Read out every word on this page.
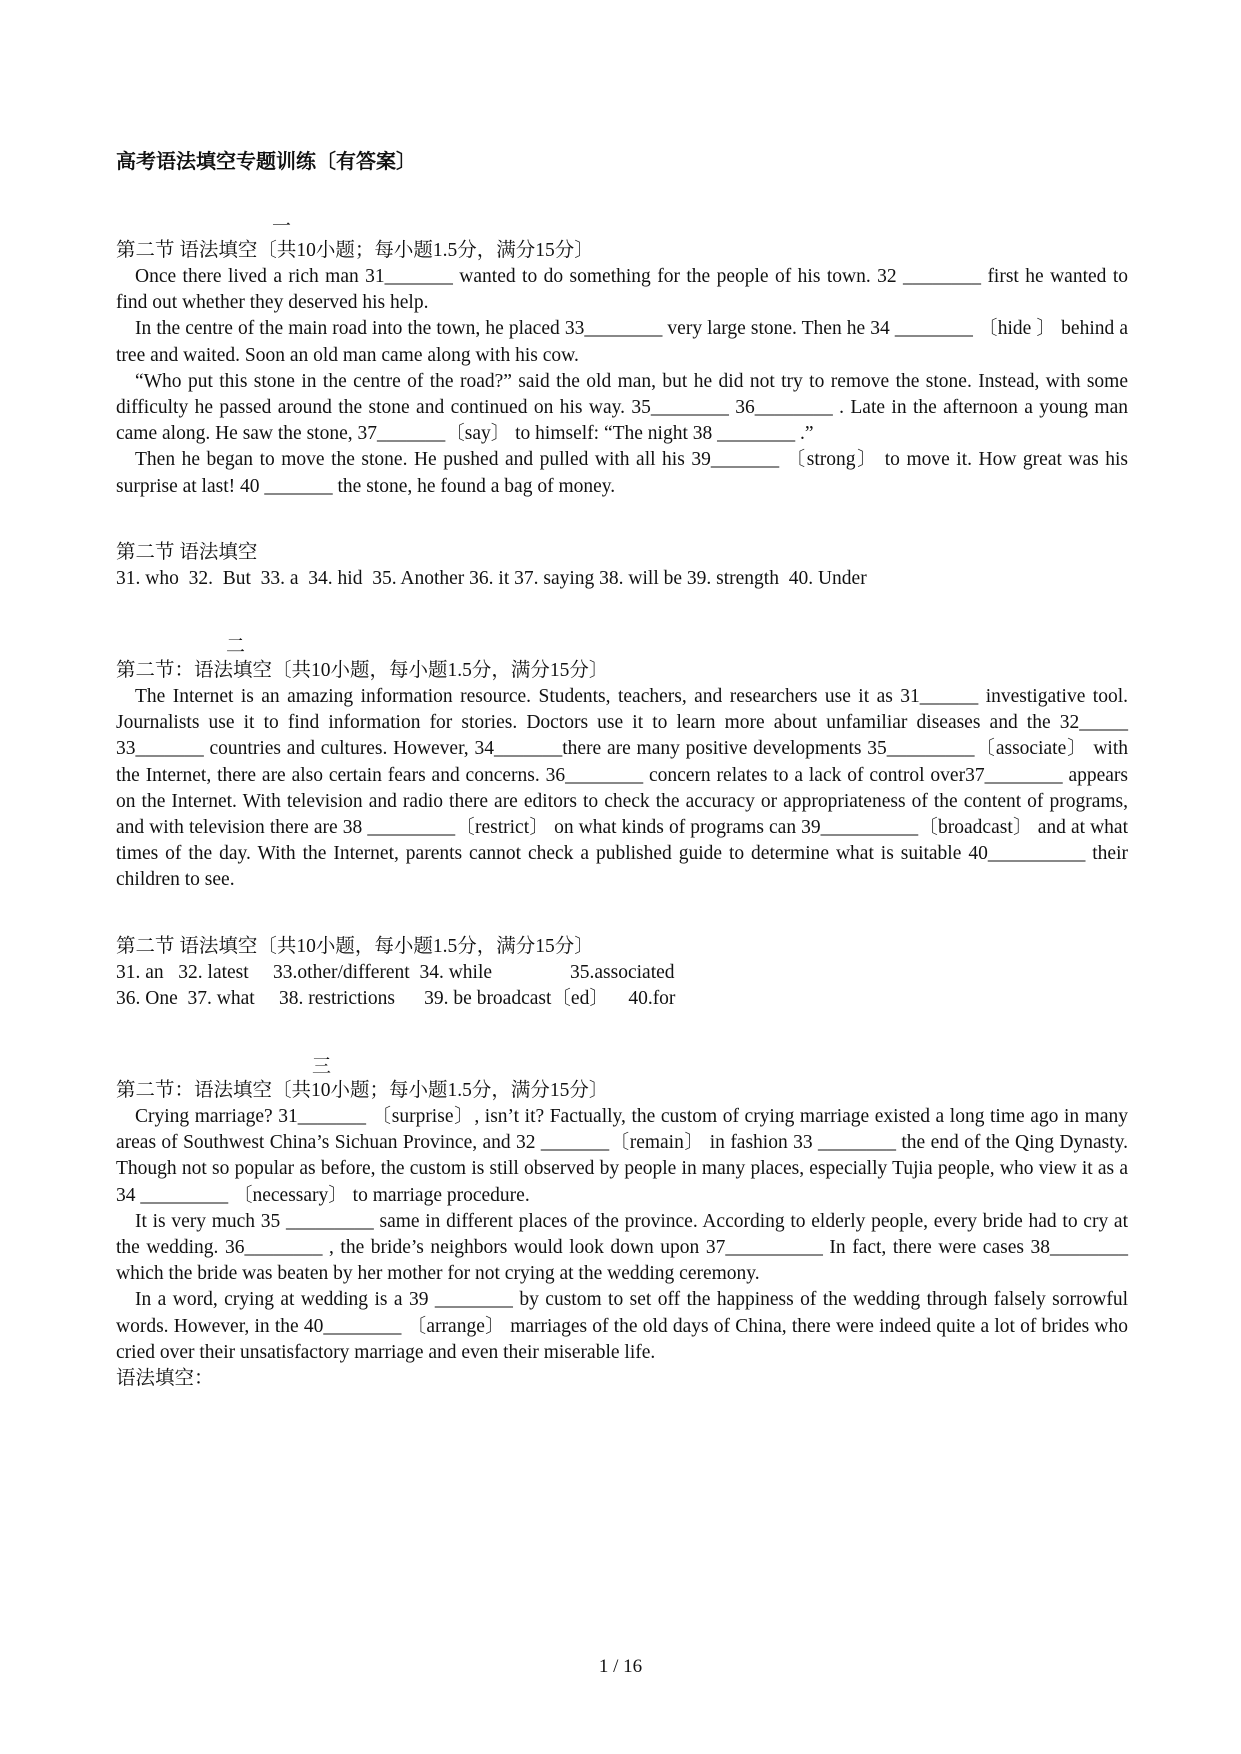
高考语法填空专题训练〔有答案〕

一

第二节 语法填空〔共10小题；每小题1.5分，满分15分〕

Once there lived a rich man 31_______ wanted to do something for the people of his town. 32 ________ first he wanted to find out whether they deserved his help.

In the centre of the main road into the town, he placed 33________ very large stone. Then he 34 ________ 〔hide 〕 behind a tree and waited. Soon an old man came along with his cow.

“Who put this stone in the centre of the road?” said the old man, but he did not try to remove the stone. Instead, with some difficulty he passed around the stone and continued on his way. 35________ 36________ . Late in the afternoon a young man came along. He saw the stone, 37_______〔say〕 to himself: “The night 38 ________ .”

Then he began to move the stone. He pushed and pulled with all his 39_______ 〔strong〕 to move it. How great was his surprise at last! 40 _______ the stone, he found a bag of money.

第二节 语法填空

31. who  32.  But  33. a  34. hid  35. Another 36. it 37. saying 38. will be 39. strength  40. Under

二

第二节：语法填空〔共10小题，每小题1.5分，满分15分〕

The Internet is an amazing information resource. Students, teachers, and researchers use it as 31______ investigative tool. Journalists use it to find information for stories. Doctors use it to learn more about unfamiliar diseases and the 32_____ 33_______ countries and cultures. However, 34_______there are many positive developments 35_________〔associate〕 with the Internet, there are also certain fears and concerns. 36________ concern relates to a lack of control over37________ appears on the Internet. With television and radio there are editors to check the accuracy or appropriateness of the content of programs, and with television there are 38 _________〔restrict〕 on what kinds of programs can 39__________〔broadcast〕 and at what times of the day. With the Internet, parents cannot check a published guide to determine what is suitable 40__________ their children to see.

第二节 语法填空〔共10小题，每小题1.5分，满分15分〕

31. an   32. latest     33.other/different  34. while                35.associated

36. One  37. what     38. restrictions      39. be broadcast〔ed〕    40.for

三

第二节：语法填空〔共10小题；每小题1.5分，满分15分〕

Crying marriage? 31_______ 〔surprise〕, isn’t it? Factually, the custom of crying marriage existed a long time ago in many areas of Southwest China’s Sichuan Province, and 32 _______〔remain〕 in fashion 33 ________ the end of the Qing Dynasty. Though not so popular as before, the custom is still observed by people in many places, especially Tujia people, who view it as a 34 _________ 〔necessary〕 to marriage procedure.

It is very much 35 _________ same in different places of the province. According to elderly people, every bride had to cry at the wedding. 36________ , the bride’s neighbors would look down upon 37__________ In fact, there were cases 38________ which the bride was beaten by her mother for not crying at the wedding ceremony.

In a word, crying at wedding is a 39 ________ by custom to set off the happiness of the wedding through falsely sorrowful words. However, in the 40________ 〔arrange〕 marriages of the old days of China, there were indeed quite a lot of brides who cried over their unsatisfactory marriage and even their miserable life.

语法填空：

1 / 16
